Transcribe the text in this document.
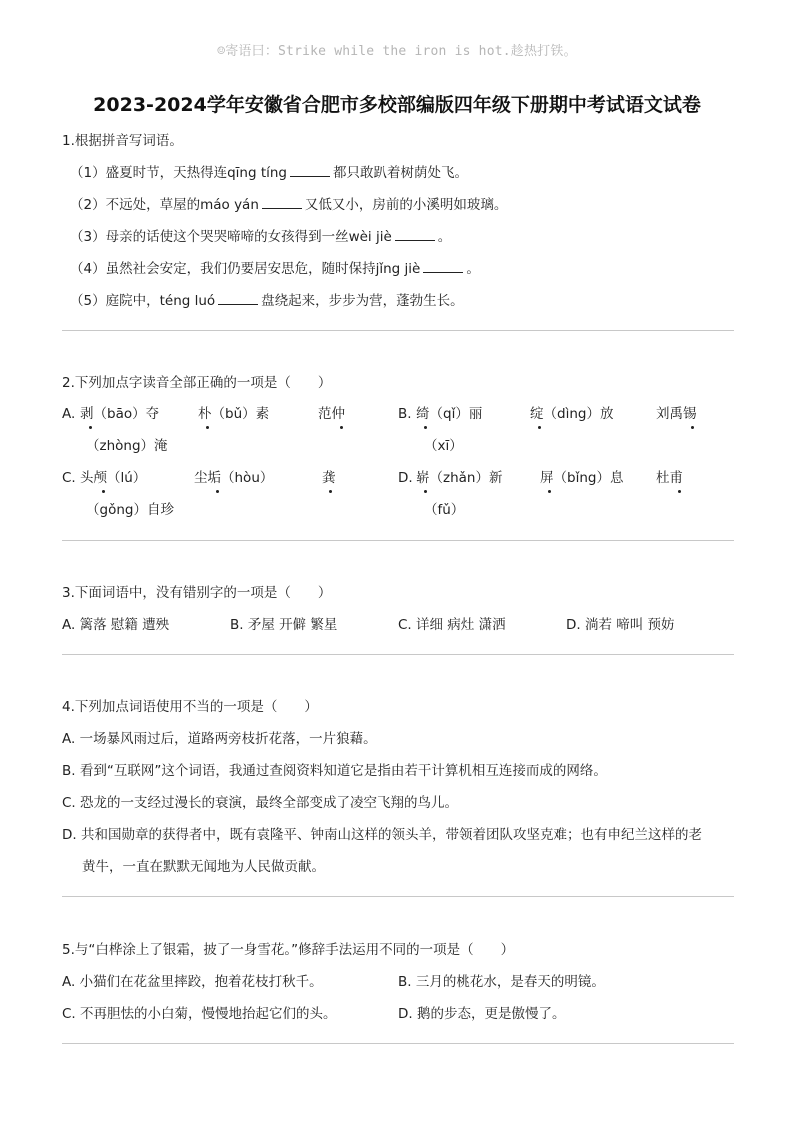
☺寄语曰：Strike while the iron is hot.趁热打铁。
2023-2024学年安徽省合肥市多校部编版四年级下册期中考试语文试卷
1.根据拼音写词语。
（1）盛夏时节，天热得连qīng tíng	都只敢趴着树荫处飞。
（2）不远处，草屋的máo yán	又低又小，房前的小溪明如玻璃。
（3）母亲的话使这个哭哭啼啼的女孩得到一丝wèi jiè	。
（4）虽然社会安定，我们仍要居安思危，随时保持jǐng jiè	。
（5）庭院中，téng luó	盘绕起来，步步为营，蓬勃生长。
2.下列加点字读音全部正确的一项是（　　）
A. 剥（bāo）夺	朴（bǔ）素	范仲
（zhòng）淹
B. 绮（qǐ）丽	绽（dìng）放	刘禹锡
（xī）
C. 头颅（lú）	尘垢（hòu）	龚
（gǒng）自珍
D. 崭（zhǎn）新	屏（bǐng）息 杜甫
（fǔ）
3.下面词语中，没有错别字的一项是（　　）
A. 篱落 慰籍 遭殃	B. 矛屋 开僻 繁星	C. 详细 病灶 潇洒	D. 淌若 啼叫 预妨
4.下列加点词语使用不当的一项是（　　）
A. 一场暴风雨过后，道路两旁枝折花落，一片狼藉。
B. 看到“互联网”这个词语，我通过查阅资料知道它是指由若干计算机相互连接而成的网络。
C. 恐龙的一支经过漫长的衰演，最终全部变成了凌空飞翔的鸟儿。
D. 共和国勋章的获得者中，既有袁隆平、钟南山这样的领头羊，带领着团队攻坚克难；也有申纪兰这样的老
黄牛，一直在默默无闻地为人民做贡献。
5.与“白桦涂上了银霜，披了一身雪花。”修辞手法运用不同的一项是（　　）
A. 小猫们在花盆里摔跤，抱着花枝打秋千。	B. 三月的桃花水，是春天的明镜。
C. 不再胆怯的小白菊，慢慢地抬起它们的头。	D. 鹅的步态，更是傲慢了。
